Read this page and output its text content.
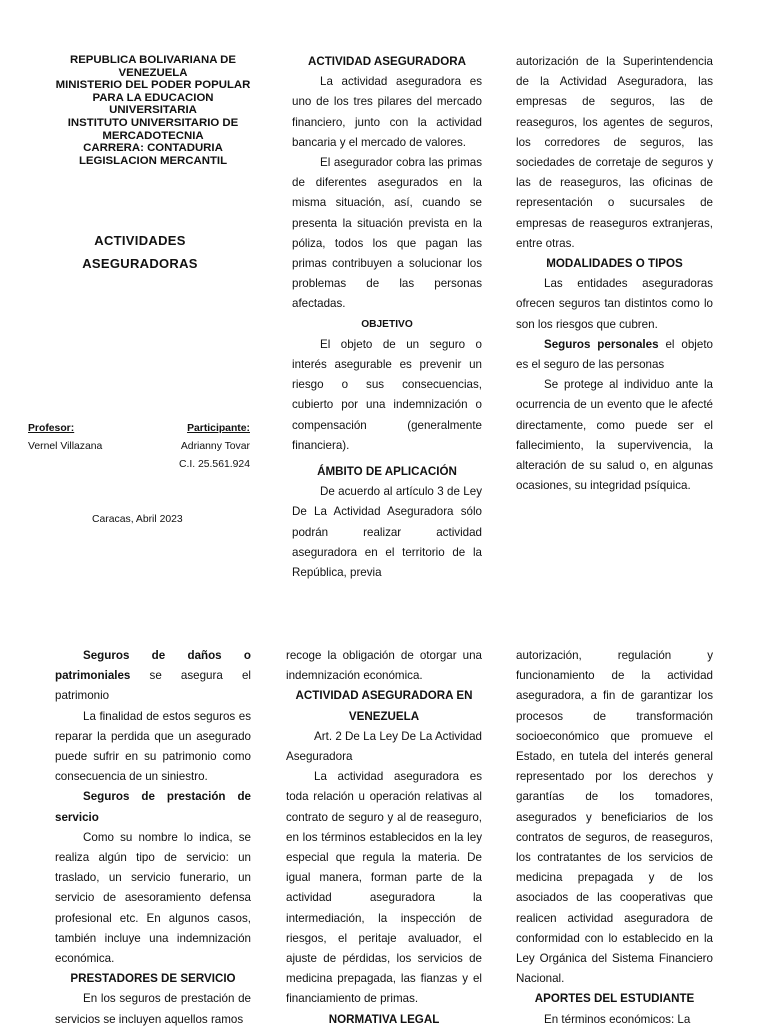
REPUBLICA BOLIVARIANA DE VENEZUELA
MINISTERIO DEL PODER POPULAR PARA LA EDUCACION UNIVERSITARIA
INSTITUTO UNIVERSITARIO DE MERCADOTECNIA
CARRERA: CONTADURIA
LEGISLACION MERCANTIL
ACTIVIDADES
ASEGURADORAS
Profesor:
Vernel Villazana
Participante:
Adrianny Tovar
C.I. 25.561.924
Caracas, Abril 2023
ACTIVIDAD ASEGURADORA

La actividad aseguradora es uno de los tres pilares del mercado financiero, junto con la actividad bancaria y el mercado de valores.

El asegurador cobra las primas de diferentes asegurados en la misma situación, así, cuando se presenta la situación prevista en la póliza, todos los que pagan las primas contribuyen a solucionar los problemas de las personas afectadas.

OBJETIVO

El objeto de un seguro o interés asegurable es prevenir un riesgo o sus consecuencias, cubierto por una indemnización o compensación (generalmente financiera).

ÁMBITO DE APLICACIÓN

De acuerdo al artículo 3 de Ley De La Actividad Aseguradora sólo podrán realizar actividad aseguradora en el territorio de la República, previa

autorización de la Superintendencia de la Actividad Aseguradora, las empresas de seguros, las de reaseguros, los agentes de seguros, los corredores de seguros, las sociedades de corretaje de seguros y las de reaseguros, las oficinas de representación o sucursales de empresas de reaseguros extranjeras, entre otras.

MODALIDADES O TIPOS

Las entidades aseguradoras ofrecen seguros tan distintos como lo son los riesgos que cubren.

Seguros personales el objeto es el seguro de las personas

Se protege al individuo ante la ocurrencia de un evento que le afecté directamente, como puede ser el fallecimiento, la supervivencia, la alteración de su salud o, en algunas ocasiones, su integridad psíquica.

Seguros de daños o patrimoniales se asegura el patrimonio

La finalidad de estos seguros es reparar la perdida que un asegurado puede sufrir en su patrimonio como consecuencia de un siniestro.

Seguros de prestación de servicio

Como su nombre lo indica, se realiza algún tipo de servicio: un traslado, un servicio funerario, un servicio de asesoramiento defensa profesional etc. En algunos casos, también incluye una indemnización económica.

PRESTADORES DE SERVICIO

En los seguros de prestación de servicios se incluyen aquellos ramos

recoge la obligación de otorgar una indemnización económica.

ACTIVIDAD ASEGURADORA EN
VENEZUELA

Art. 2 De La Ley De La Actividad Aseguradora

La actividad aseguradora es toda relación u operación relativas al contrato de seguro y al de reaseguro, en los términos establecidos en la ley especial que regula la materia. De igual manera, forman parte de la actividad aseguradora la intermediación, la inspección de riesgos, el peritaje avaluador, el ajuste de pérdidas, los servicios de medicina prepagada, las fianzas y el financiamiento de primas.

NORMATIVA LEGAL

autorización, regulación y funcionamiento de la actividad aseguradora, a fin de garantizar los procesos de transformación socioeconómico que promueve el Estado, en tutela del interés general representado por los derechos y garantías de los tomadores, asegurados y beneficiarios de los contratos de seguros, de reaseguros, los contratantes de los servicios de medicina prepagada y de los asociados de las cooperativas que realicen actividad aseguradora de conformidad con lo establecido en la Ley Orgánica del Sistema Financiero Nacional.

APORTES DEL ESTUDIANTE

En términos económicos: La
